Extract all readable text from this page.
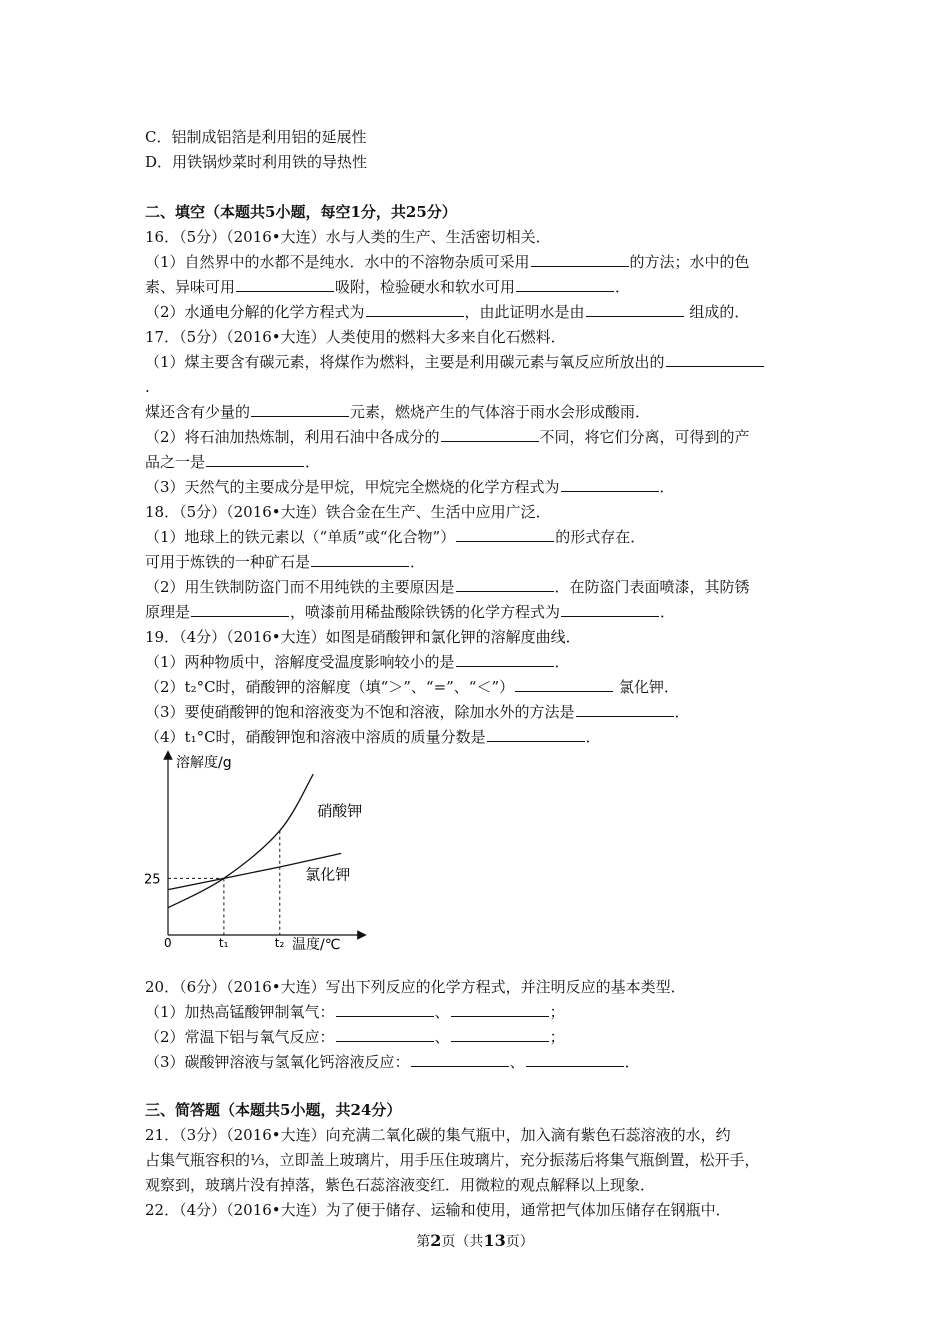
C．铝制成铝箔是利用铝的延展性
D．用铁锅炒菜时利用铁的导热性
二、填空（本题共5小题，每空1分，共25分）
16．（5分）（2016•大连）水与人类的生产、生活密切相关．
（1）自然界中的水都不是纯水．水中的不溶物杂质可采用	的方法；水中的色
素、异味可用	吸附，检验硬水和软水可用	．
（2）水通电分解的化学方程式为	，由此证明水是由	组成的．
17．（5分）（2016•大连）人类使用的燃料大多来自化石燃料．
（1）煤主要含有碳元素，将煤作为燃料，主要是利用碳元素与氧反应所放出的
.
煤还含有少量的	元素，燃烧产生的气体溶于雨水会形成酸雨．
（2）将石油加热炼制，利用石油中各成分的	不同，将它们分离，可得到的产
品之一是	．
（3）天然气的主要成分是甲烷，甲烷完全燃烧的化学方程式为	．
18．（5分）（2016•大连）铁合金在生产、生活中应用广泛．
（1）地球上的铁元素以（“单质”或“化合物”）	的形式存在．
可用于炼铁的一种矿石是	．
（2）用生铁制防盗门而不用纯铁的主要原因是	．在防盗门表面喷漆，其防锈
原理是	，喷漆前用稀盐酸除铁锈的化学方程式为	．
19．（4分）（2016•大连）如图是硝酸钾和氯化钾的溶解度曲线．
（1）两种物质中，溶解度受温度影响较小的是	．
（2）t₂°C时，硝酸钾的溶解度（填“＞”、“=”、“＜”）	氯化钾．
（3）要使硝酸钾的饱和溶液变为不饱和溶液，除加水外的方法是	．
（4）t₁°C时，硝酸钾饱和溶液中溶质的质量分数是	．
溶解度/g
温度/℃
硝酸钾
氯化钾
0	t₁	t₂
25
20．（6分）（2016•大连）写出下列反应的化学方程式，并注明反应的基本类型．
（1）加热高锰酸钾制氧气：	、	；
（2）常温下铝与氧气反应：	、	；
（3）碳酸钾溶液与氢氧化钙溶液反应：	、	．
三、简答题（本题共5小题，共24分）
21．（3分）（2016•大连）向充满二氧化碳的集气瓶中，加入滴有紫色石蕊溶液的水，约
占集气瓶容积的⅓，立即盖上玻璃片，用手压住玻璃片，充分振荡后将集气瓶倒置，松开手，
观察到，玻璃片没有掉落，紫色石蕊溶液变红．用微粒的观点解释以上现象．
22．（4分）（2016•大连）为了便于储存、运输和使用，通常把气体加压储存在钢瓶中．
第2页（共13页）
